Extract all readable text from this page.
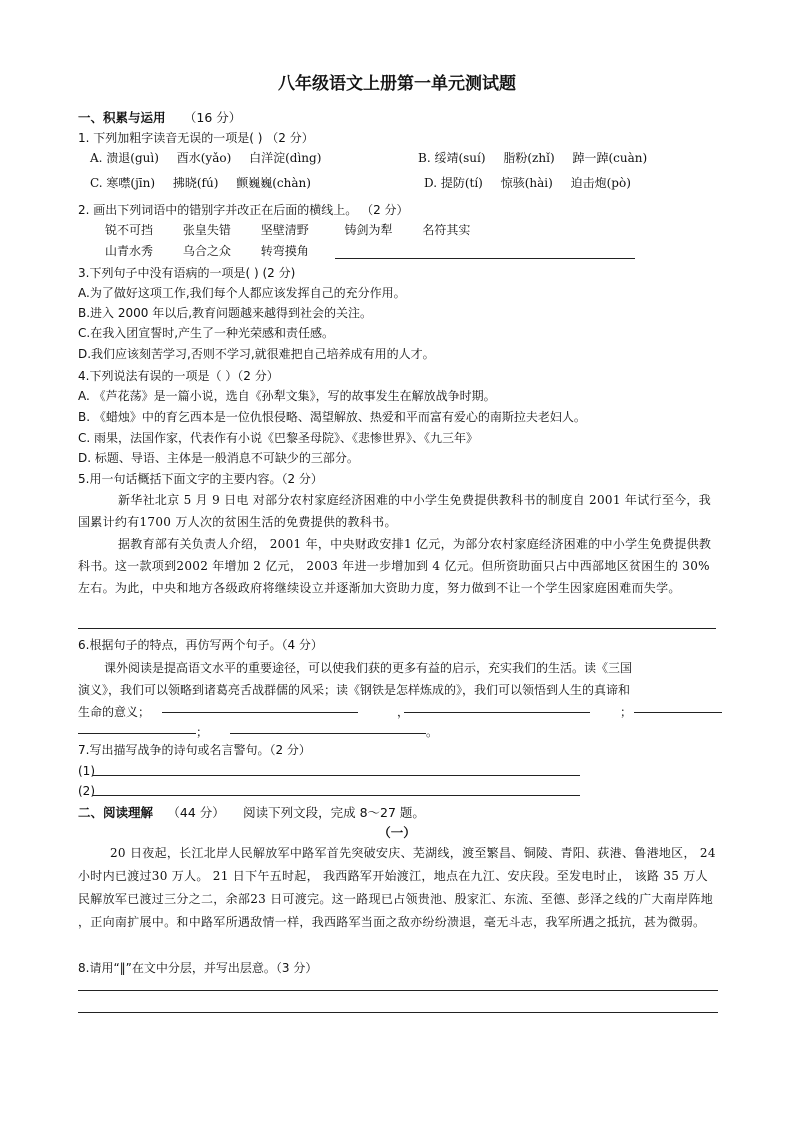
八年级语文上册第一单元测试题
一、积累与运用 （16 分）
1. 下列加粗字读音无误的一项是( ) （2 分）
A. 溃退(guì) 酉水(yǎo) 白洋淀(dìng)	B. 绥靖(suí) 脂粉(zhǐ) 踔一踔(cuàn)
C. 寒噤(jīn) 拂晓(fú) 颤巍巍(chàn)	D. 提防(tí) 惊骇(hài) 迫击炮(pò)
2. 画出下列词语中的错别字并改正在后面的横线上。 （2 分）
锐不可挡 张皇失错 坚壁清野	铸剑为犁 名符其实
山青水秀 乌合之众 转弯摸角
3.下列句子中没有语病的一项是( ) (2 分)
A.为了做好这项工作,我们每个人都应该发挥自己的充分作用。
B.进入 2000 年以后,教育问题越来越得到社会的关注。
C.在我入团宣誓时,产生了一种光荣感和责任感。
D.我们应该刻苦学习,否则不学习,就很难把自己培养成有用的人才。
4.下列说法有误的一项是（ ）（2 分）
A. 《芦花荡》是一篇小说，选自《孙犁文集》，写的故事发生在解放战争时期。
B. 《蜡烛》中的育乞西本是一位仇恨侵略、渴望解放、热爱和平而富有爱心的南斯拉夫老妇人。
C. 雨果，法国作家，代表作有小说《巴黎圣母院》、《悲惨世界》、《九三年》
D. 标题、导语、主体是一般消息不可缺少的三部分。
5.用一句话概括下面文字的主要内容。（2 分）
新华社北京 5 月 9 日电 对部分农村家庭经济困难的中小学生免费提供教科书的制度自 2001 年试行至今，我国累计约有1700 万人次的贫困生活的免费提供的教科书。
据教育部有关负责人介绍， 2001 年，中央财政安排1 亿元，为部分农村家庭经济困难的中小学生免费提供教科书。这一款项到2002 年增加 2 亿元， 2003 年进一步增加到 4 亿元。但所资助面只占中西部地区贫困生的 30%左右。为此，中央和地方各级政府将继续设立并逐渐加大资助力度，努力做到不让一个学生因家庭困难而失学。
6.根据句子的特点，再仿写两个句子。（4 分）
课外阅读是提高语文水平的重要途径，可以使我们获的更多有益的启示，充实我们的生活。读《三国
演义》，我们可以领略到诸葛亮舌战群儒的风采；读《钢铁是怎样炼成的》，我们可以领悟到人生的真谛和
生命的意义；	，	；
；	。
7.写出描写战争的诗句或名言警句。（2 分）
(1)
(2)
二、阅读理解 （44 分） 阅读下列文段，完成 8～27 题。
（一）
20 日夜起，长江北岸人民解放军中路军首先突破安庆、芜湖线，渡至繁昌、铜陵、青阳、荻港、鲁港地区， 24 小时内已渡过30 万人。 21 日下午五时起， 我西路军开始渡江，地点在九江、安庆段。至发电时止， 该路 35 万人民解放军已渡过三分之二，余部23 日可渡完。这一路现已占领贵池、殷家汇、东流、至德、彭泽之线的广大南岸阵地 ，正向南扩展中。和中路军所遇敌情一样，我西路军当面之敌亦纷纷溃退，毫无斗志，我军所遇之抵抗，甚为微弱。
8.请用“‖”在文中分层，并写出层意。（3 分）
